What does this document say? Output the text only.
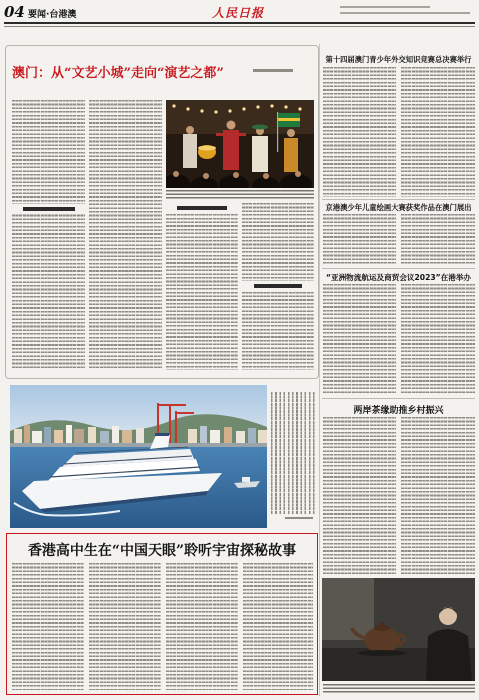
04 要闻·台港澳	人民日报
澳门：从“文艺小城”走向“演艺之都”
香港高中生在“中国天眼”聆听宇宙探秘故事
第十四届澳门青少年外交知识竞赛总决赛举行
京港澳少年儿童绘画大赛获奖作品在澳门展出
“亚洲物流航运及商贸会议2023”在港举办
两岸茶缘助推乡村振兴
